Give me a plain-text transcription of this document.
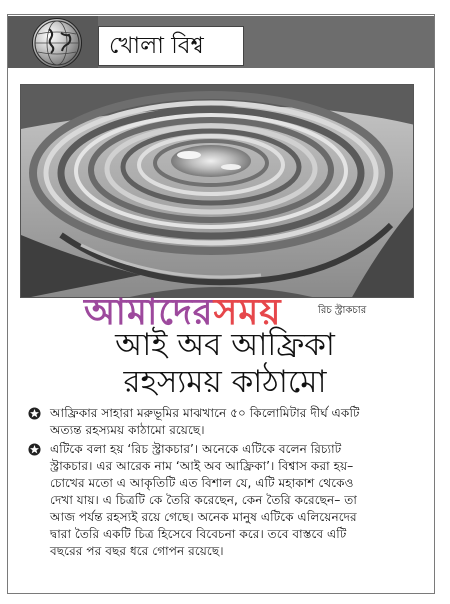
খোলা বিশ্ব
আমাদেরসময়	রিচ স্ট্রাকচার
আই অব আফ্রিকা
রহস্যময় কাঠামো
আফ্রিকার সাহারা মরুভূমির মাঝখানে ৫০ কিলোমিটার দীর্ঘ একটি
অত্যন্ত রহস্যময় কাঠামো রয়েছে।
এটিকে বলা হয় ‘রিচ স্ট্রাকচার’। অনেকে এটিকে বলেন রিচ্যাট
স্ট্রাকচার। এর আরেক নাম ‘আই অব আফ্রিকা’। বিশ্বাস করা হয়–
চোখের মতো এ আকৃতিটি এত বিশাল যে, এটি মহাকাশ থেকেও
দেখা যায়। এ চিত্রটি কে তৈরি করেছেন, কেন তৈরি করেছেন– তা
আজ পর্যন্ত রহস্যই রয়ে গেছে। অনেক মানুষ এটিকে এলিয়েনদের
দ্বারা তৈরি একটি চিত্র হিসেবে বিবেচনা করে। তবে বাস্তবে এটি
বছরের পর বছর ধরে গোপন রয়েছে।
